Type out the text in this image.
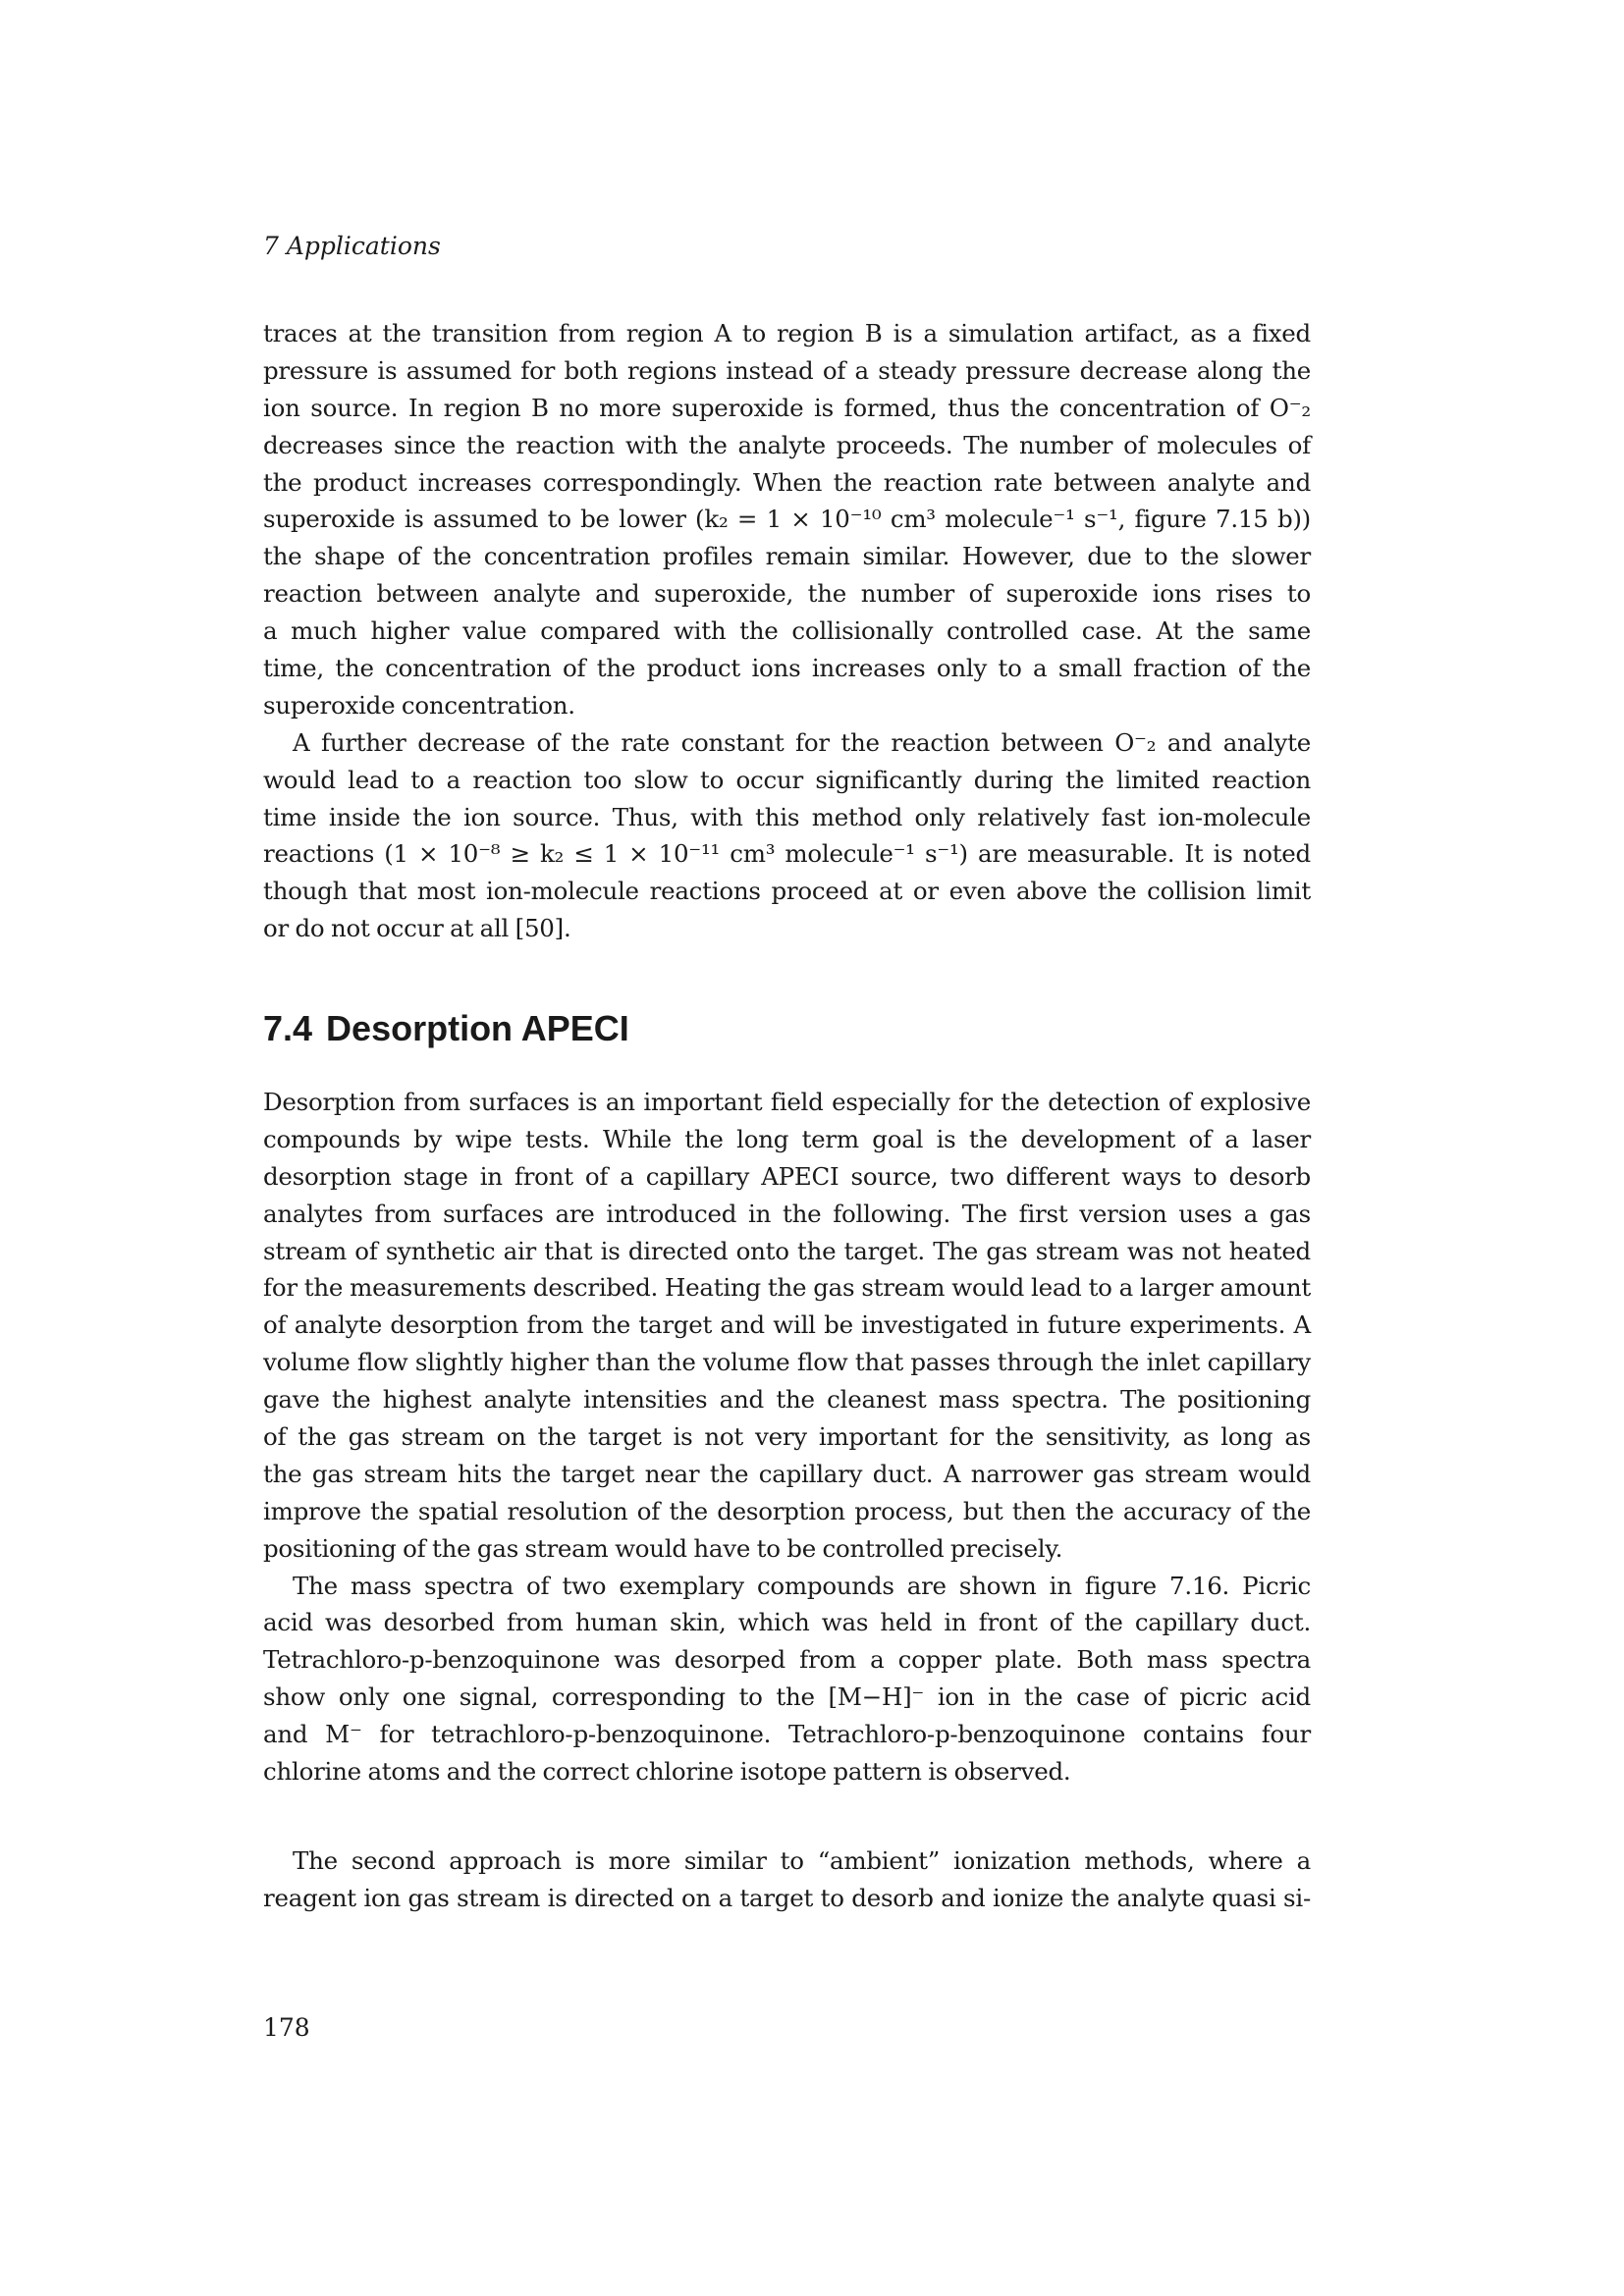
7 Applications
traces at the transition from region A to region B is a simulation artifact, as a fixed
pressure is assumed for both regions instead of a steady pressure decrease along the
ion source. In region B no more superoxide is formed, thus the concentration of O⁻₂
decreases since the reaction with the analyte proceeds. The number of molecules of
the product increases correspondingly. When the reaction rate between analyte and
superoxide is assumed to be lower (k₂ = 1 × 10⁻¹⁰ cm³ molecule⁻¹ s⁻¹, figure 7.15 b))
the shape of the concentration profiles remain similar. However, due to the slower
reaction between analyte and superoxide, the number of superoxide ions rises to
a much higher value compared with the collisionally controlled case. At the same
time, the concentration of the product ions increases only to a small fraction of the
superoxide concentration.
A further decrease of the rate constant for the reaction between O⁻₂ and analyte
would lead to a reaction too slow to occur significantly during the limited reaction
time inside the ion source. Thus, with this method only relatively fast ion-molecule
reactions (1 × 10⁻⁸ ≥ k₂ ≤ 1 × 10⁻¹¹ cm³ molecule⁻¹ s⁻¹) are measurable. It is noted
though that most ion-molecule reactions proceed at or even above the collision limit
or do not occur at all [50].
7.4 Desorption APECI
Desorption from surfaces is an important field especially for the detection of explosive
compounds by wipe tests. While the long term goal is the development of a laser
desorption stage in front of a capillary APECI source, two different ways to desorb
analytes from surfaces are introduced in the following. The first version uses a gas
stream of synthetic air that is directed onto the target. The gas stream was not heated
for the measurements described. Heating the gas stream would lead to a larger amount
of analyte desorption from the target and will be investigated in future experiments. A
volume flow slightly higher than the volume flow that passes through the inlet capillary
gave the highest analyte intensities and the cleanest mass spectra. The positioning
of the gas stream on the target is not very important for the sensitivity, as long as
the gas stream hits the target near the capillary duct. A narrower gas stream would
improve the spatial resolution of the desorption process, but then the accuracy of the
positioning of the gas stream would have to be controlled precisely.
The mass spectra of two exemplary compounds are shown in figure 7.16. Picric
acid was desorbed from human skin, which was held in front of the capillary duct.
Tetrachloro-p-benzoquinone was desorped from a copper plate. Both mass spectra
show only one signal, corresponding to the [M−H]⁻ ion in the case of picric acid
and M⁻ for tetrachloro-p-benzoquinone. Tetrachloro-p-benzoquinone contains four
chlorine atoms and the correct chlorine isotope pattern is observed.
The second approach is more similar to “ambient” ionization methods, where a
reagent ion gas stream is directed on a target to desorb and ionize the analyte quasi si-
178
